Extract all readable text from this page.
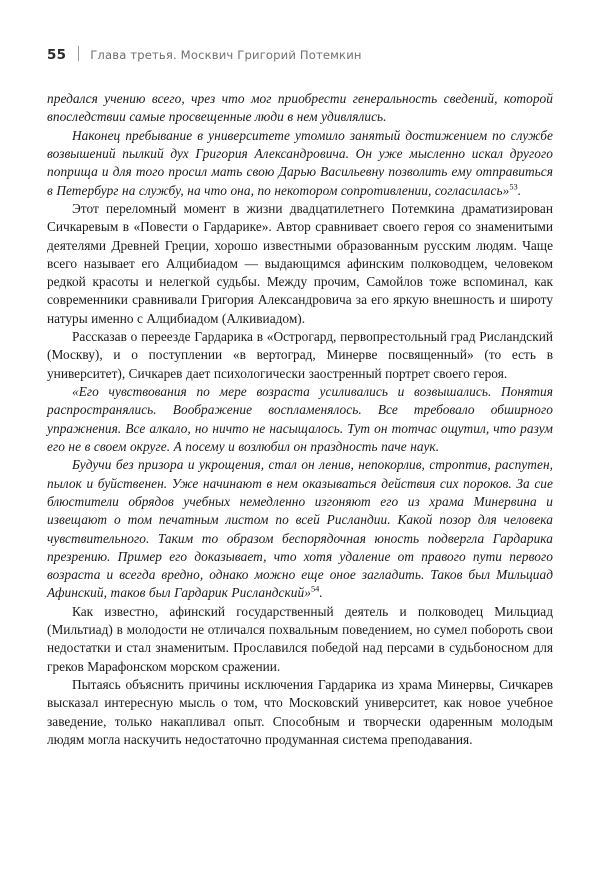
55 Глава третья. Москвич Григорий Потемкин

предался учению всего, чрез что мог приобрести генеральность сведений, которой впоследствии самые просвещенные люди в нем удивлялись.

Наконец пребывание в университете утомило занятый достижением по службе возвышений пылкий дух Григория Александровича. Он уже мысленно искал другого поприща и для того просил мать свою Дарью Васильевну позволить ему отправиться в Петербург на службу, на что она, по некотором сопротивлении, согласилась»$^{53}$.

Этот переломный момент в жизни двадцатилетнего Потемкина драматизирован Сичкаревым в «Повести о Гардарике». Автор сравнивает своего героя со знаменитыми деятелями Древней Греции, хорошо известными образованным русским людям. Чаще всего называет его Алцибиадом — выдающимся афинским полководцем, человеком редкой красоты и нелегкой судьбы. Между прочим, Самойлов тоже вспоминал, как современники сравнивали Григория Александровича за его яркую внешность и широту натуры именно с Алцибиадом (Алкивиадом).

Рассказав о переезде Гардарика в «Острогард, первопрестольный град Рисландский (Москву), и о поступлении «в вертоград, Минерве посвященный» (то есть в университет), Сичкарев дает психологически заостренный портрет своего героя.

«Его чувствования по мере возраста усиливались и возвышались. Понятия распространялись. Воображение воспламенялось. Все требовало обширного упражнения. Все алкало, но ничто не насыщалось. Тут он тотчас ощутил, что разум его не в своем округе. А посему и возлюбил он праздность паче наук.

Будучи без призора и укрощения, стал он ленив, непокорлив, строптив, распутен, пылок и буйственен. Уже начинают в нем оказываться действия сих пороков. За сие блюстители обрядов учебных немедленно изгоняют его из храма Минервина и извещают о том печатным листом по всей Рисландии. Какой позор для человека чувствительного. Таким то образом беспорядочная юность подвергла Гардарика презрению. Пример его доказывает, что хотя удаление от правого пути первого возраста и всегда вредно, однако можно еще оное загладить. Таков был Мильциад Афинский, таков был Гардарик Рисландский»$^{54}$.

Как известно, афинский государственный деятель и полководец Мильциад (Мильтиад) в молодости не отличался похвальным поведением, но сумел побороть свои недостатки и стал знаменитым. Прославился победой над персами в судьбоносном для греков Марафонском морском сражении.

Пытаясь объяснить причины исключения Гардарика из храма Минервы, Сичкарев высказал интересную мысль о том, что Московский университет, как новое учебное заведение, только накапливал опыт. Способным и творчески одаренным молодым людям могла наскучить недостаточно продуманная система преподавания.
